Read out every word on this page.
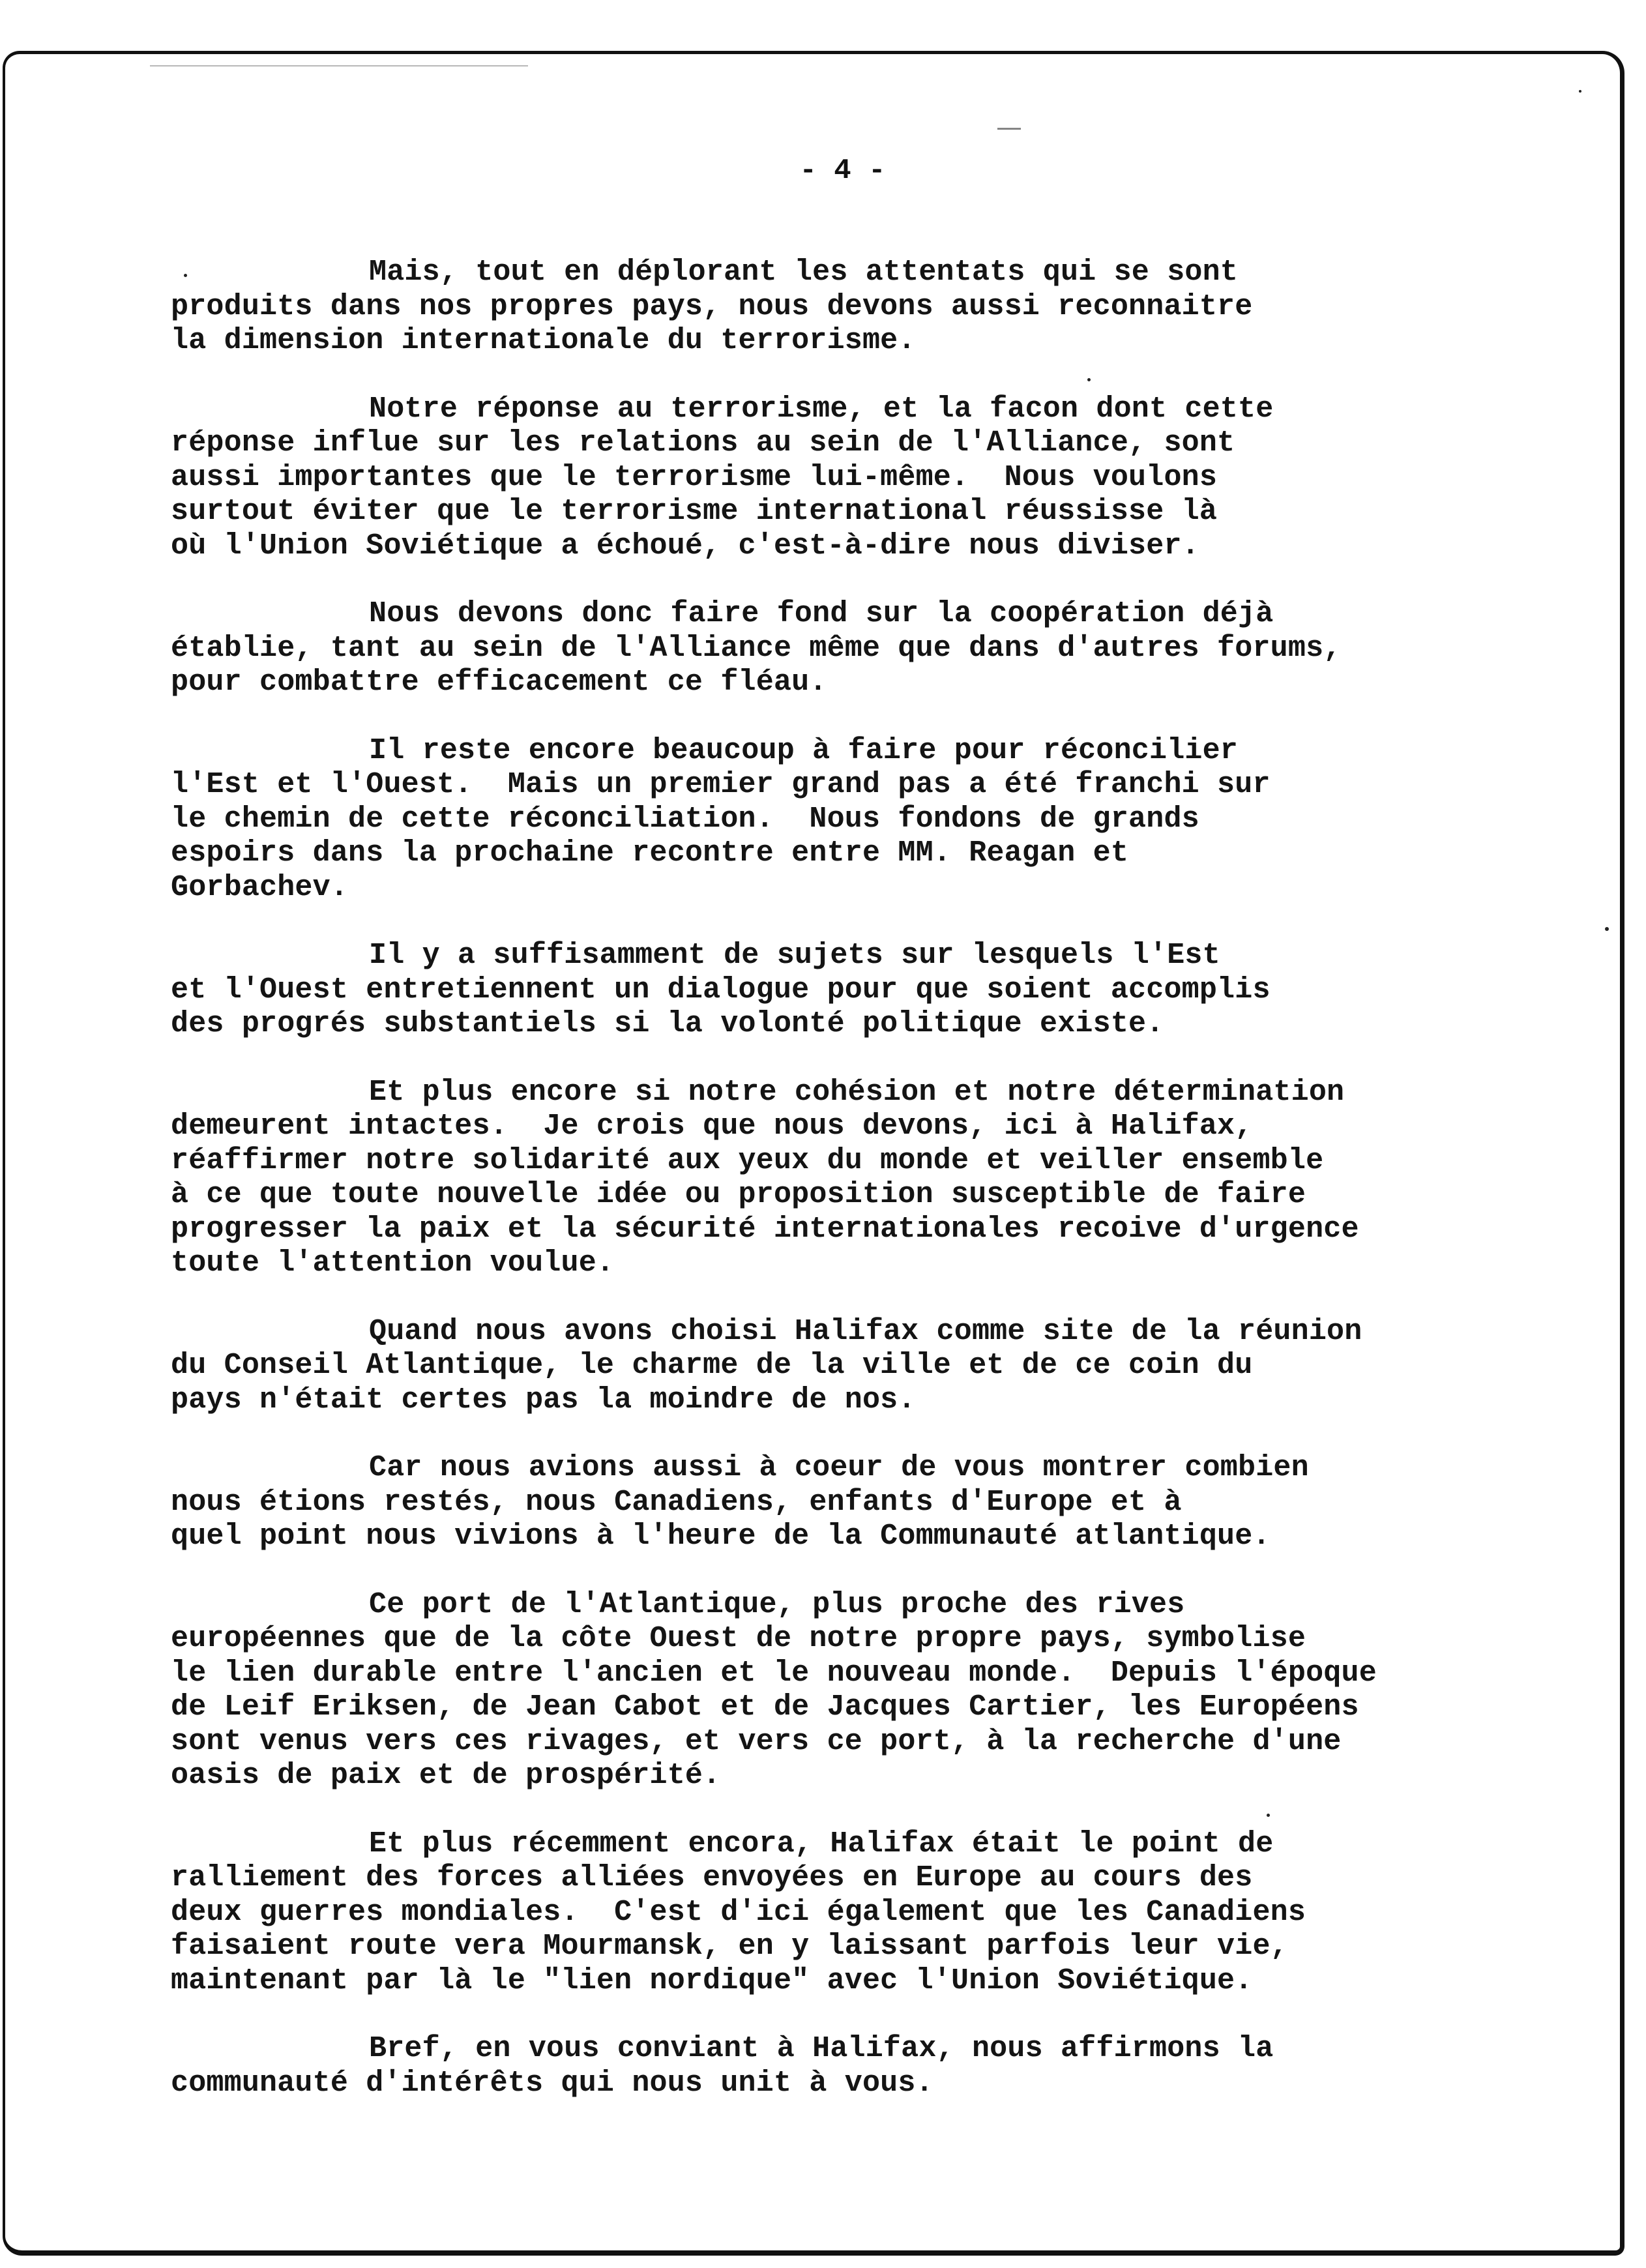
- 4 -
Mais, tout en déplorant les attentats qui se sont
produits dans nos propres pays, nous devons aussi reconnaitre
la dimension internationale du terrorisme.
Notre réponse au terrorisme, et la facon dont cette
réponse influe sur les relations au sein de l'Alliance, sont
aussi importantes que le terrorisme lui-même.  Nous voulons
surtout éviter que le terrorisme international réussisse là
où l'Union Soviétique a échoué, c'est-à-dire nous diviser.
Nous devons donc faire fond sur la coopération déjà
établie, tant au sein de l'Alliance même que dans d'autres forums,
pour combattre efficacement ce fléau.
Il reste encore beaucoup à faire pour réconcilier
l'Est et l'Ouest.  Mais un premier grand pas a été franchi sur
le chemin de cette réconciliation.  Nous fondons de grands
espoirs dans la prochaine recontre entre MM. Reagan et
Gorbachev.
Il y a suffisamment de sujets sur lesquels l'Est
et l'Ouest entretiennent un dialogue pour que soient accomplis
des progrés substantiels si la volonté politique existe.
Et plus encore si notre cohésion et notre détermination
demeurent intactes.  Je crois que nous devons, ici à Halifax,
réaffirmer notre solidarité aux yeux du monde et veiller ensemble
à ce que toute nouvelle idée ou proposition susceptible de faire
progresser la paix et la sécurité internationales recoive d'urgence
toute l'attention voulue.
Quand nous avons choisi Halifax comme site de la réunion
du Conseil Atlantique, le charme de la ville et de ce coin du
pays n'était certes pas la moindre de nos.
Car nous avions aussi à coeur de vous montrer combien
nous étions restés, nous Canadiens, enfants d'Europe et à
quel point nous vivions à l'heure de la Communauté atlantique.
Ce port de l'Atlantique, plus proche des rives
européennes que de la côte Ouest de notre propre pays, symbolise
le lien durable entre l'ancien et le nouveau monde.  Depuis l'époque
de Leif Eriksen, de Jean Cabot et de Jacques Cartier, les Européens
sont venus vers ces rivages, et vers ce port, à la recherche d'une
oasis de paix et de prospérité.
Et plus récemment encora, Halifax était le point de
ralliement des forces alliées envoyées en Europe au cours des
deux guerres mondiales.  C'est d'ici également que les Canadiens
faisaient route vera Mourmansk, en y laissant parfois leur vie,
maintenant par là le "lien nordique" avec l'Union Soviétique.
Bref, en vous conviant à Halifax, nous affirmons la
communauté d'intérêts qui nous unit à vous.
